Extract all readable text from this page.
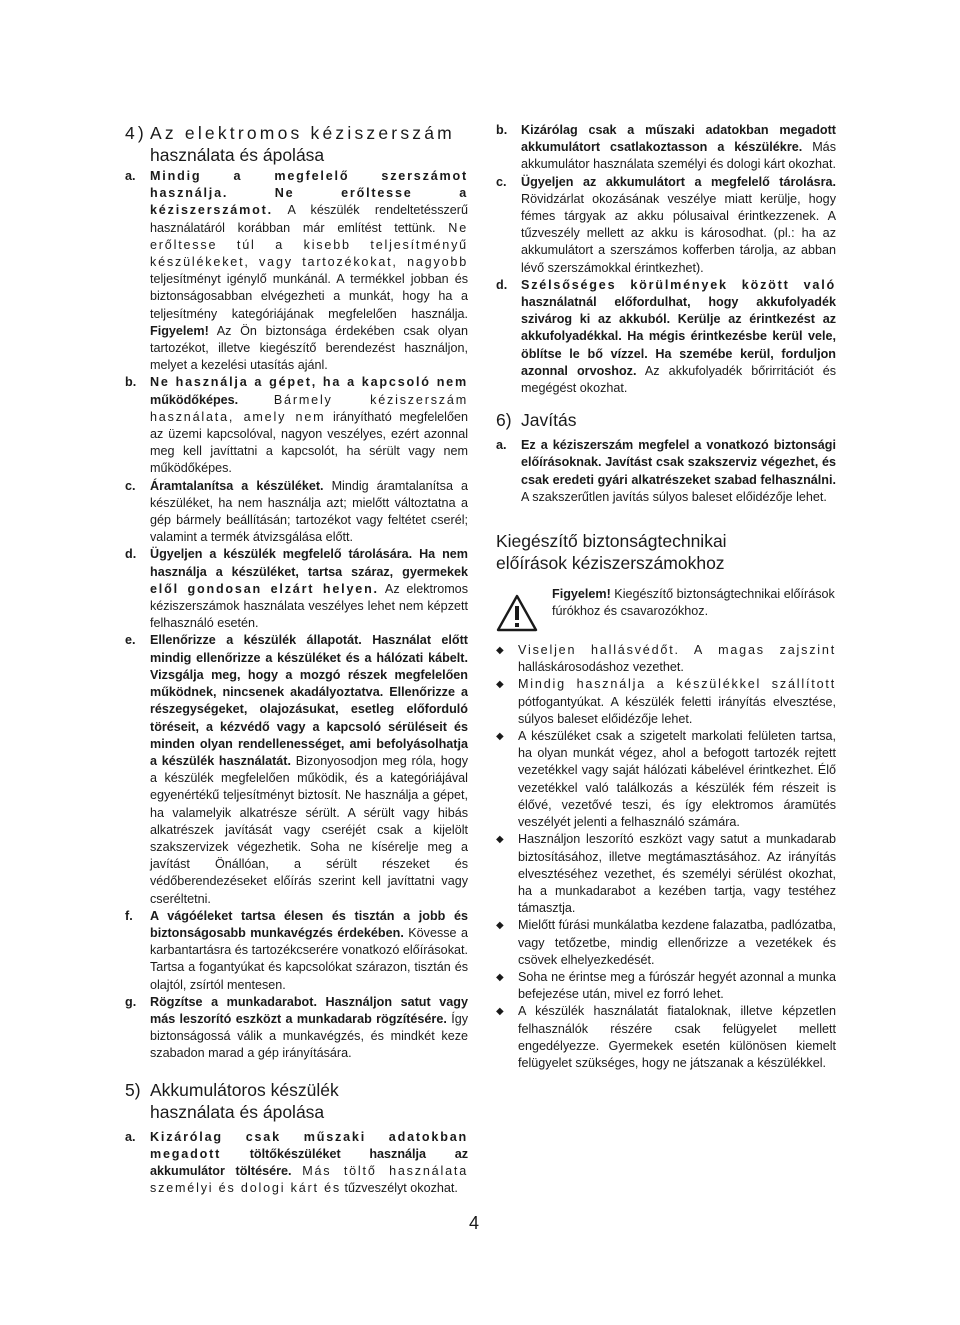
4) Az elektromos kéziszerszám
használata és ápolása
a.	Mindig a megfelelő szerszámot használja. Ne erőltesse a kéziszerszámot. A készülék rendeltetésszerű használatáról korábban már említést tettünk. Ne erőltesse túl a kisebb teljesítményű készülékeket, vagy tartozékokat, nagyobb teljesítményt igénylő munkánál. A termékkel jobban és biztonságosabban elvégezheti a munkát, hogy ha a teljesítmény kategóriájának megfelelően használja. Figyelem! Az Ön biztonsága érdekében csak olyan tartozékot, illetve kiegészítő berendezést használjon, melyet a kezelési utasítás ajánl.
b.	Ne használja a gépet, ha a kapcsoló nem működőképes.	Bármely kéziszerszám használata, amely nem irányítható megfelelően az üzemi kapcsolóval, nagyon veszélyes, ezért azonnal meg kell javíttatni a kapcsolót, ha sérült vagy nem működőképes.
c.	Áramtalanítsa a készüléket. Mindig áramtalanítsa a készüléket, ha nem használja azt; mielőtt változtatna a gép bármely beállításán; tartozékot vagy feltétet cserél; valamint a termék átvizsgálása előtt.
d.	Ügyeljen a készülék megfelelő tárolására. Ha nem használja a készüléket, tartsa száraz, gyermekek elől gondosan elzárt helyen. Az elektromos kéziszerszámok használata veszélyes lehet nem képzett felhasználó esetén.
e.	Ellenőrizze a készülék állapotát. Használat előtt mindig ellenőrizze a készüléket és a hálózati kábelt. Vizsgálja meg, hogy a mozgó részek megfelelően működnek, nincsenek akadályoztatva. Ellenőrizze a részegységeket, olajozásukat, esetleg előforduló töréseit, a kézvédő vagy a kapcsoló sérüléseit és minden olyan rendellenességet, ami befolyásolhatja a készülék használatát. Bizonyosodjon meg róla, hogy a készülék megfelelően működik, és a kategóriájával egyenértékű teljesítményt biztosít. Ne használja a gépet, ha valamelyik alkatrésze sérült. A sérült vagy hibás alkatrészek javítását vagy cseréjét csak a kijelölt szakszervizek végezhetik. Soha ne kísérelje meg a javítást Önállóan, a sérült részeket és védőberendezéseket előírás szerint kell javíttatni vagy cseréltetni.
f.	A vágóéleket tartsa élesen és tisztán a jobb és biztonságosabb munkavégzés érdekében. Kövesse a karbantartásra és tartozékcserére vonatkozó előírásokat. Tartsa a fogantyúkat és kapcsolókat szárazon, tisztán és olajtól, zsírtól mentesen.
g.	Rögzítse a munkadarabot. Használjon satut vagy más leszorító eszközt a munkadarab rögzítésére. Így biztonságossá válik a munkavégzés, és mindkét keze szabadon marad a gép irányítására.
5) Akkumulátoros készülék
használata és ápolása
a.	Kizárólag csak műszaki adatokban megadott töltőkészüléket használja az akkumulátor töltésére. Más töltő használata személyi és dologi kárt és tűzveszélyt okozhat.
b.	Kizárólag csak a műszaki adatokban megadott akkumulátort csatlakoztasson a készülékre. Más akkumulátor használata személyi és dologi kárt okozhat.
c.	Ügyeljen az akkumulátort a megfelelő tárolásra. Rövidzárlat okozásának veszélye miatt kerülje, hogy fémes tárgyak az akku pólusaival érintkezzenek. A tűzveszély mellett az akku is károsodhat. (pl.: ha az akkumulátort a szerszámos kofferben tárolja, az abban lévő szerszámokkal érintkezhet).
d.	Szélsőséges körülmények között való használatnál előfordulhat, hogy akkufolyadék szivárog ki az akkuból. Kerülje az érintkezést az akkufolyadékkal. Ha mégis érintkezésbe kerül vele, öblítse le bő vízzel. Ha szemébe kerül, forduljon azonnal orvoshoz. Az akkufolyadék bőrirritációt és megégést okozhat.
6) Javítás
a.	Ez a kéziszerszám megfelel a vonatkozó biztonsági előírásoknak. Javítást csak szakszerviz végezhet, és csak eredeti gyári alkatrészeket szabad felhasználni. A szakszerűtlen javítás súlyos baleset előidézője lehet.
Kiegészítő biztonságtechnikai
előírások kéziszerszámokhoz
Figyelem! Kiegészítő biztonságtechnikai előírások fúrókhoz és csavarozókhoz.
◆	Viseljen hallásvédőt. A magas zajszint halláskárosodáshoz vezethet.
◆	Mindig használja a készülékkel szállított pótfogantyúkat. A készülék feletti irányítás elvesztése, súlyos baleset előidézője lehet.
◆	A készüléket csak a szigetelt markolati felületen tartsa, ha olyan munkát végez, ahol a befogott tartozék rejtett vezetékkel vagy saját hálózati kábelével érintkezhet. Élő vezetékkel való találkozás a készülék fém részeit is élővé, vezetővé teszi, és így elektromos áramütés veszélyét jelenti a felhasználó számára.
◆	Használjon leszorító eszközt vagy satut a munkadarab biztosításához, illetve megtámasztásához. Az irányítás elvesztéséhez vezethet, és személyi sérülést okozhat, ha a munkadarabot a kezében tartja, vagy testéhez támasztja.
◆	Mielőtt fúrási munkálatba kezdene falazatba, padlózatba, vagy tetőzetbe, mindig ellenőrizze a vezetékek és csövek elhelyezkedését.
◆	Soha ne érintse meg a fúrószár hegyét azonnal a munka befejezése után, mivel ez forró lehet.
◆	A készülék használatát fiataloknak, illetve képzetlen felhasználók részére csak felügyelet mellett engedélyezze. Gyermekek esetén különösen kiemelt felügyelet szükséges, hogy ne játszanak a készülékkel.
4
